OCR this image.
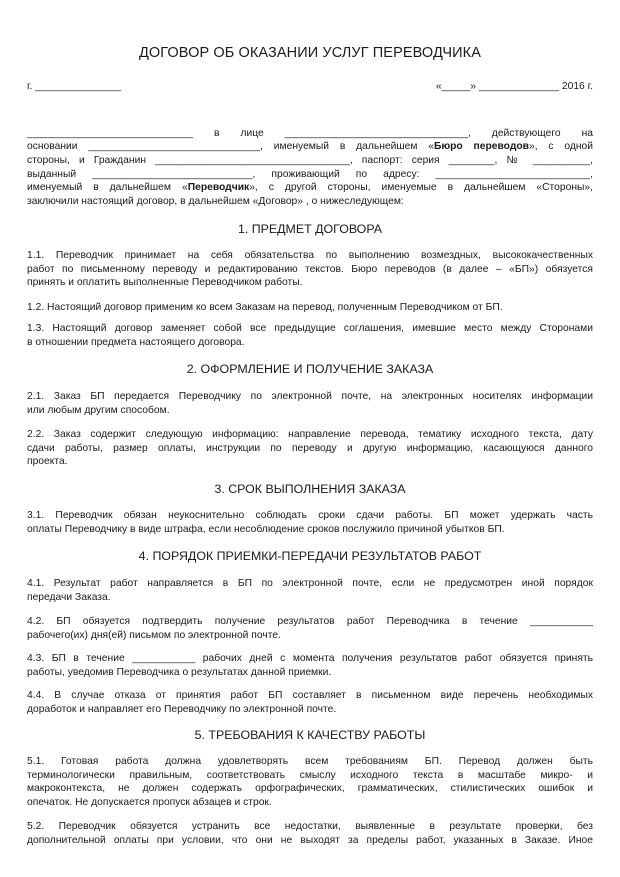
ДОГОВОР ОБ ОКАЗАНИИ УСЛУГ ПЕРЕВОДЧИКА
г. _______________	«_____» ______________ 2016 г.
_____________________________ в лице ________________________________, действующего на
основании ______________________________, именуемый в дальнейшем «Бюро переводов», с одной
стороны, и Гражданин __________________________________, паспорт: серия ________, № __________,
выданный ____________________________, проживающий по адресу: ___________________________,
именуемый в дальнейшем «Переводчик», с другой стороны, именуемые в дальнейшем «Стороны»,
заключили настоящий договор, в дальнейшем «Договор» , о нижеследующем:
1. ПРЕДМЕТ ДОГОВОРА
1.1. Переводчик принимает на себя обязательства по выполнению возмездных, высококачественных
работ по письменному переводу и редактированию текстов. Бюро переводов (в далее – «БП») обязуется
принять и оплатить выполненные Переводчиком работы.
1.2. Настоящий договор применим ко всем Заказам на перевод, полученным Переводчиком от БП.
1.3. Настоящий договор заменяет собой все предыдущие соглашения, имевшие место между Сторонами
в отношении предмета настоящего договора.
2. ОФОРМЛЕНИЕ И ПОЛУЧЕНИЕ ЗАКАЗА
2.1. Заказ БП передается Переводчику по электронной почте, на электронных носителях информации
или любым другим способом.
2.2. Заказ содержит следующую информацию: направление перевода, тематику исходного текста, дату
сдачи работы, размер оплаты, инструкции по переводу и другую информацию, касающуюся данного
проекта.
3. СРОК ВЫПОЛНЕНИЯ ЗАКАЗА
3.1. Переводчик обязан неукоснительно соблюдать сроки сдачи работы. БП может удержать часть
оплаты Переводчику в виде штрафа, если несоблюдение сроков послужило причиной убытков БП.
4. ПОРЯДОК ПРИЕМКИ-ПЕРЕДАЧИ РЕЗУЛЬТАТОВ РАБОТ
4.1. Результат работ направляется в БП по электронной почте, если не предусмотрен иной порядок
передачи Заказа.
4.2. БП обязуется подтвердить получение результатов работ Переводчика в течение ___________
рабочего(их) дня(ей) письмом по электронной почте.
4.3. БП в течение ___________ рабочих дней с момента получения результатов работ обязуется принять
работы, уведомив Переводчика о результатах данной приемки.
4.4. В случае отказа от принятия работ БП составляет в письменном виде перечень необходимых
доработок и направляет его Переводчику по электронной почте.
5. ТРЕБОВАНИЯ К КАЧЕСТВУ РАБОТЫ
5.1. Готовая работа должна удовлетворять всем требованиям БП. Перевод должен быть
терминологически правильным, соответствовать смыслу исходного текста в масштабе микро- и
макроконтекста, не должен содержать орфографических, грамматических, стилистических ошибок и
опечаток. Не допускается пропуск абзацев и строк.
5.2. Переводчик обязуется устранить все недостатки, выявленные в результате проверки, без
дополнительной оплаты при условии, что они не выходят за пределы работ, указанных в Заказе. Иное
